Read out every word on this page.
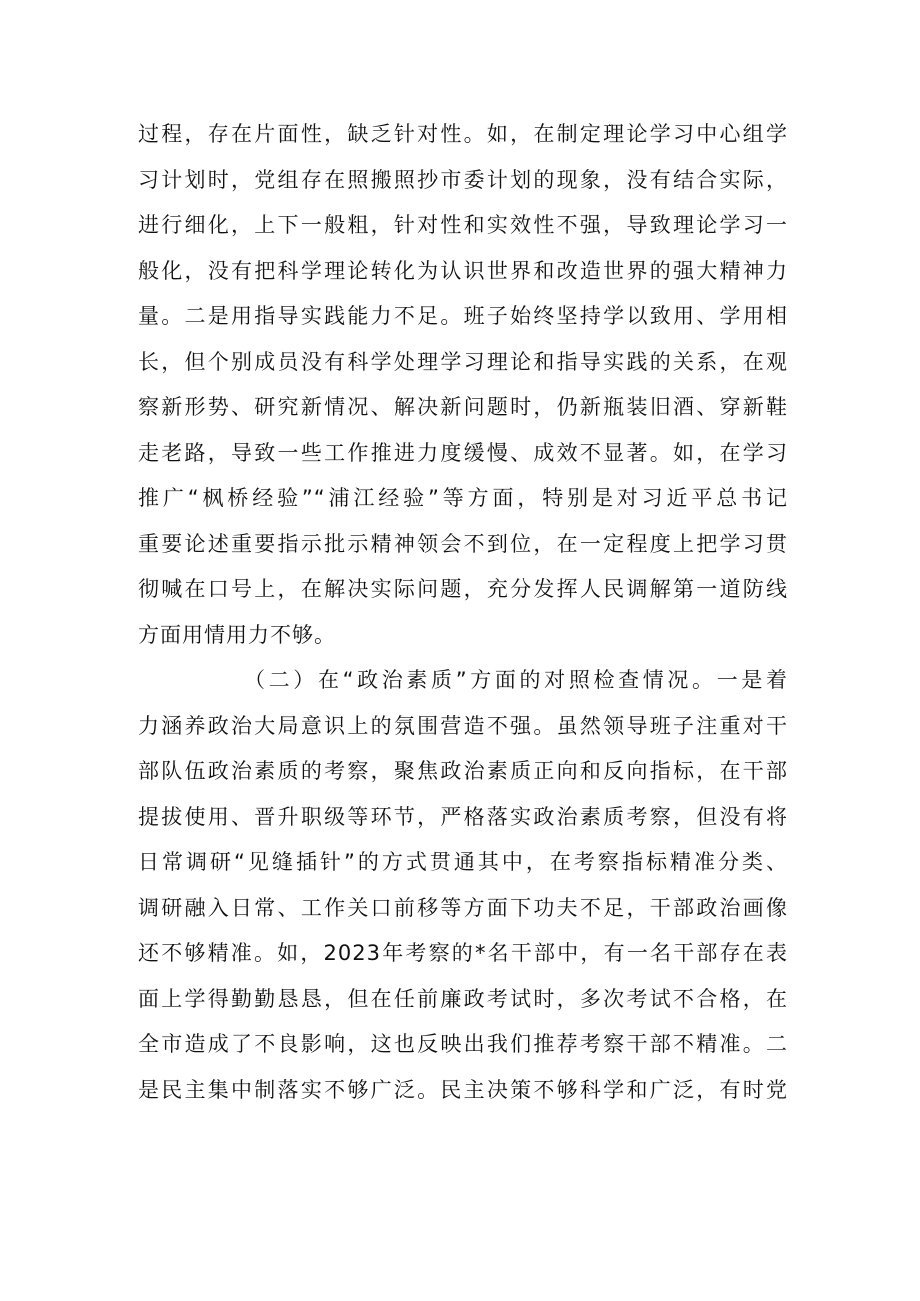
过程，存在片面性，缺乏针对性。如，在制定理论学习中心组学
习计划时，党组存在照搬照抄市委计划的现象，没有结合实际，
进行细化，上下一般粗，针对性和实效性不强，导致理论学习一
般化，没有把科学理论转化为认识世界和改造世界的强大精神力
量。二是用指导实践能力不足。班子始终坚持学以致用、学用相
长，但个别成员没有科学处理学习理论和指导实践的关系，在观
察新形势、研究新情况、解决新问题时，仍新瓶装旧酒、穿新鞋
走老路，导致一些工作推进力度缓慢、成效不显著。如，在学习
推广“枫桥经验”“浦江经验”等方面，特别是对习近平总书记
重要论述重要指示批示精神领会不到位，在一定程度上把学习贯
彻喊在口号上，在解决实际问题，充分发挥人民调解第一道防线
方面用情用力不够。
（二）在“政治素质”方面的对照检查情况。一是着
力涵养政治大局意识上的氛围营造不强。虽然领导班子注重对干
部队伍政治素质的考察，聚焦政治素质正向和反向指标，在干部
提拔使用、晋升职级等环节，严格落实政治素质考察，但没有将
日常调研“见缝插针”的方式贯通其中，在考察指标精准分类、
调研融入日常、工作关口前移等方面下功夫不足，干部政治画像
还不够精准。如，2023年考察的*名干部中，有一名干部存在表
面上学得勤勤恳恳，但在任前廉政考试时，多次考试不合格，在
全市造成了不良影响，这也反映出我们推荐考察干部不精准。二
是民主集中制落实不够广泛。民主决策不够科学和广泛，有时党
